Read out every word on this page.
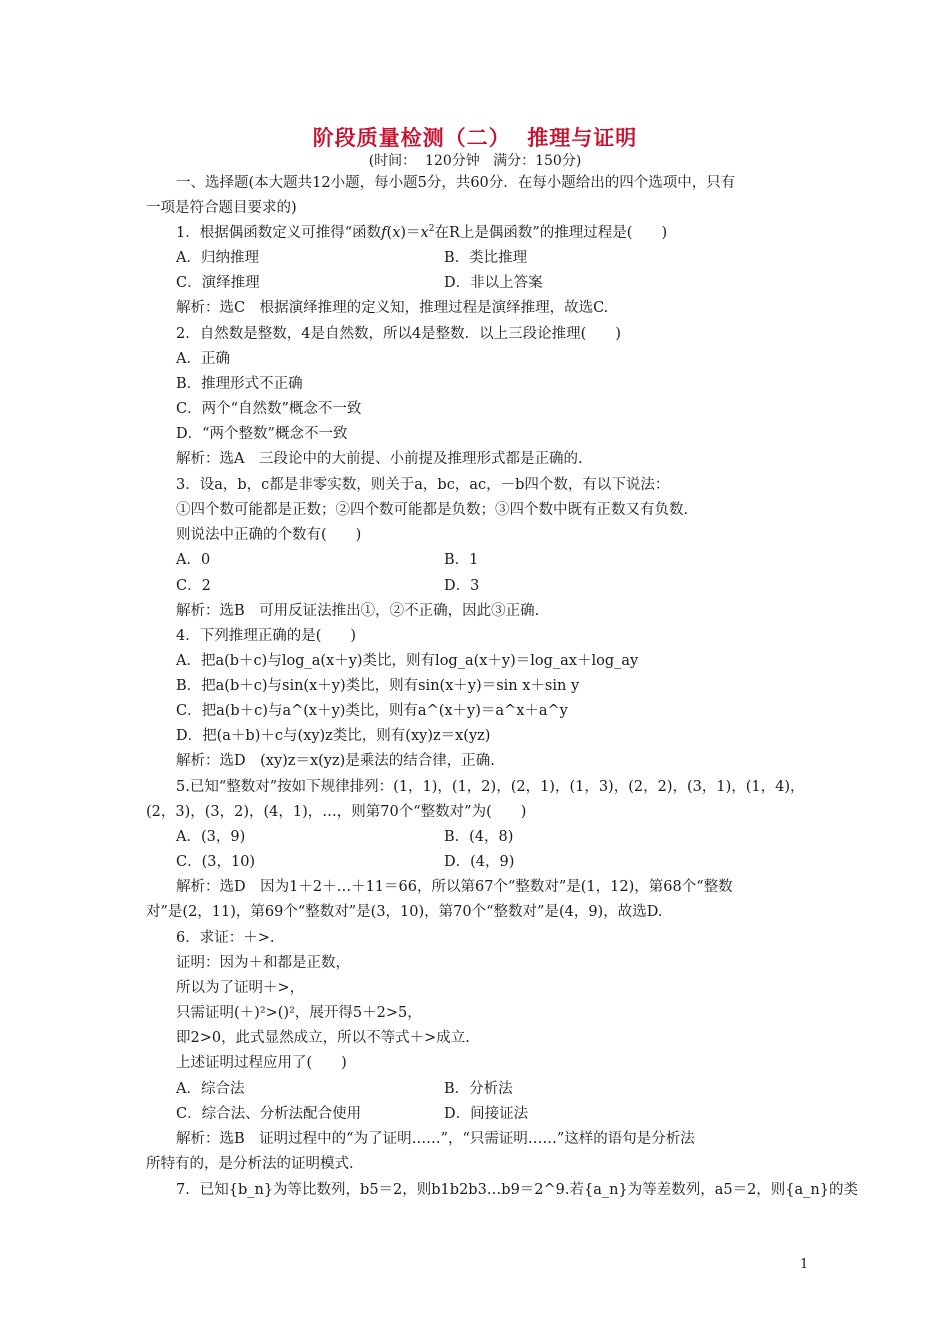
阶段质量检测（二）  推理与证明
(时间：  120分钟   满分：150分)
一、选择题(本大题共12小题，每小题5分，共60分．在每小题给出的四个选项中，只有
一项是符合题目要求的)
1．根据偶函数定义可推得“函数$f(x)=x^2$在R上是偶函数”的推理过程是(　　)
A．归纳推理	B．类比推理
C．演绎推理	D．非以上答案
解析：选C　根据演绎推理的定义知，推理过程是演绎推理，故选C.
2．自然数是整数，4是自然数，所以4是整数．以上三段论推理(　　)
A．正确
B．推理形式不正确
C．两个“自然数”概念不一致
D．“两个整数”概念不一致
解析：选A　三段论中的大前提、小前提及推理形式都是正确的.
3．设a，b，c都是非零实数，则关于a，bc，ac，－b四个数，有以下说法：
①四个数可能都是正数；②四个数可能都是负数；③四个数中既有正数又有负数.
则说法中正确的个数有(　　)
A．0	B．1
C．2	D．3
解析：选B　可用反证法推出①，②不正确，因此③正确.
4．下列推理正确的是(　　)
A．把a(b＋c)与log_a(x＋y)类比，则有log_a(x＋y)＝log_ax＋log_ay
B．把a(b＋c)与sin(x＋y)类比，则有sin(x＋y)＝sin x＋sin y
C．把a(b＋c)与a^(x＋y)类比，则有a^(x＋y)＝a^x＋a^y
D．把(a＋b)＋c与(xy)z类比，则有(xy)z＝x(yz)
解析：选D　(xy)z＝x(yz)是乘法的结合律，正确.
5.已知“整数对”按如下规律排列：(1，1)，(1，2)，(2，1)，(1，3)，(2，2)，(3，1)，(1，4)，
(2，3)，(3，2)，(4，1)，…，则第70个“整数对”为(　　)
A．(3，9)	B．(4，8)
C．(3，10)	D．(4，9)
解析：选D　因为1＋2＋…＋11＝66，所以第67个“整数对”是(1，12)，第68个“整数
对”是(2，11)，第69个“整数对”是(3，10)，第70个“整数对”是(4，9)，故选D.
6．求证：＋>.
证明：因为＋和都是正数，
所以为了证明＋>，
只需证明(＋)²>()²，展开得5＋2>5，
即2>0，此式显然成立，所以不等式＋>成立.
上述证明过程应用了(　　)
A．综合法	B．分析法
C．综合法、分析法配合使用	D．间接证法
解析：选B　证明过程中的“为了证明……”，“只需证明……”这样的语句是分析法
所特有的，是分析法的证明模式.
7．已知{b_n}为等比数列，b5＝2，则b1b2b3…b9＝2^9.若{a_n}为等差数列，a5＝2，则{a_n}的类
1
